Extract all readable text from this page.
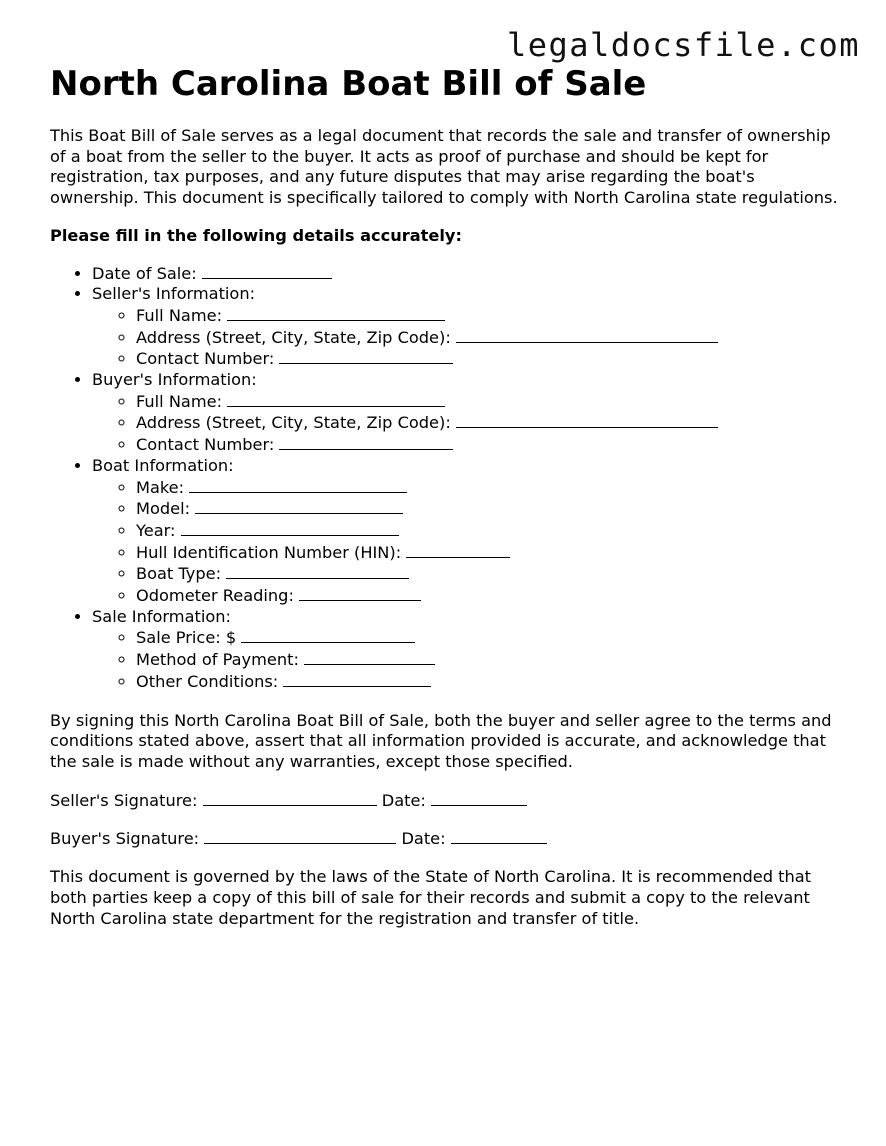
legaldocsfile.com
North Carolina Boat Bill of Sale

This Boat Bill of Sale serves as a legal document that records the sale and transfer of ownership of a boat from the seller to the buyer. It acts as proof of purchase and should be kept for registration, tax purposes, and any future disputes that may arise regarding the boat's ownership. This document is specifically tailored to comply with North Carolina state regulations.

Please fill in the following details accurately:

• Date of Sale:
• Seller's Information:
◦ Full Name:
◦ Address (Street, City, State, Zip Code):
◦ Contact Number:
• Buyer's Information:
◦ Full Name:
◦ Address (Street, City, State, Zip Code):
◦ Contact Number:
• Boat Information:
◦ Make:
◦ Model:
◦ Year:
◦ Hull Identification Number (HIN):
◦ Boat Type:
◦ Odometer Reading:
• Sale Information:
◦ Sale Price: $
◦ Method of Payment:
◦ Other Conditions:

By signing this North Carolina Boat Bill of Sale, both the buyer and seller agree to the terms and conditions stated above, assert that all information provided is accurate, and acknowledge that the sale is made without any warranties, except those specified.

Seller's Signature:	Date:

Buyer's Signature:	Date:

This document is governed by the laws of the State of North Carolina. It is recommended that both parties keep a copy of this bill of sale for their records and submit a copy to the relevant North Carolina state department for the registration and transfer of title.
